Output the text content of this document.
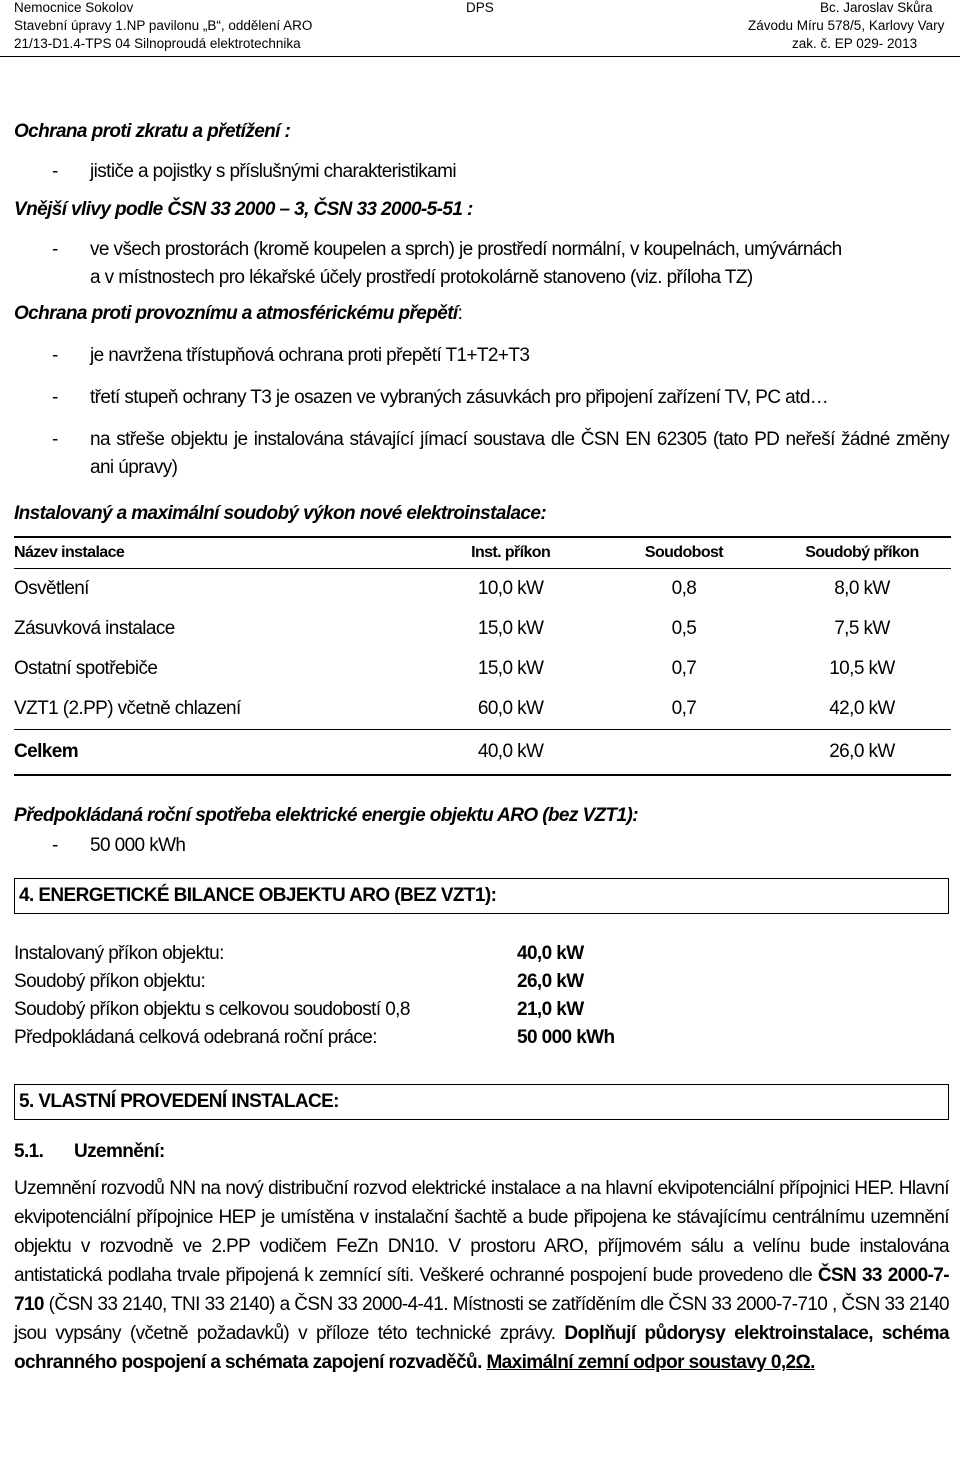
Nemocnice Sokolov
Stavební úpravy 1.NP pavilonu „B“, oddělení ARO
21/13-D1.4-TPS 04 Silnoproudá elektrotechnika
DPS	Bc. Jaroslav Skůra
Závodu Míru 578/5, Karlovy Vary
zak. č. EP 029- 2013

Ochrana proti zkratu a přetížení :

- jističe a pojistky s příslušnými charakteristikami

Vnější vlivy podle ČSN 33 2000 – 3, ČSN 33 2000-5-51 :

- ve všech prostorách (kromě koupelen a sprch) je prostředí normální, v koupelnách, umývárnách
a v místnostech pro lékařské účely prostředí protokolárně stanoveno (viz. příloha TZ)

Ochrana proti provoznímu a atmosférickému přepětí:

- je navržena třístupňová ochrana proti přepětí T1+T2+T3

- třetí stupeň ochrany T3 je osazen ve vybraných zásuvkách pro připojení zařízení TV, PC atd…

- na střeše objektu je instalována stávající jímací soustava dle ČSN EN 62305 (tato PD neřeší žádné změny ani úpravy)

Instalovaný a maximální soudobý výkon nové elektroinstalace:

Název instalace	Inst. příkon	Soudobost	Soudobý příkon
Osvětlení	10,0 kW	0,8	8,0 kW
Zásuvková instalace	15,0 kW	0,5	7,5 kW
Ostatní spotřebiče	15,0 kW	0,7	10,5 kW
VZT1 (2.PP) včetně chlazení	60,0 kW	0,7	42,0 kW
Celkem	40,0 kW		26,0 kW

Předpokládaná roční spotřeba elektrické energie objektu ARO (bez VZT1):

- 50 000 kWh

4. ENERGETICKÉ BILANCE OBJEKTU ARO (BEZ VZT1):
Instalovaný příkon objektu:	40,0 kW
Soudobý příkon objektu:	26,0 kW
Soudobý příkon objektu s celkovou soudobostí 0,8	21,0 kW
Předpokládaná celková odebraná roční práce:	50 000 kWh
5. VLASTNÍ PROVEDENÍ INSTALACE:

5.1. Uzemnění:

Uzemnění rozvodů NN na nový distribuční rozvod elektrické instalace a na hlavní ekvipotenciální přípojnici HEP. Hlavní ekvipotenciální přípojnice HEP je umístěna v instalační šachtě a bude připojena ke stávajícímu centrálnímu uzemnění objektu v rozvodně ve 2.PP vodičem FeZn DN10. V prostoru ARO, příjmovém sálu a velínu bude instalována antistatická podlaha trvale připojená k zemnící síti. Veškeré ochranné pospojení bude provedeno dle ČSN 33 2000-7-710 (ČSN 33 2140, TNI 33 2140) a ČSN 33 2000-4-41. Místnosti se zatříděním dle ČSN 33 2000-7-710 , ČSN 33 2140 jsou vypsány (včetně požadavků) v příloze této technické zprávy. Doplňují půdorysy elektroinstalace, schéma ochranného pospojení a schémata zapojení rozvaděčů. Maximální zemní odpor soustavy 0,2Ω.
